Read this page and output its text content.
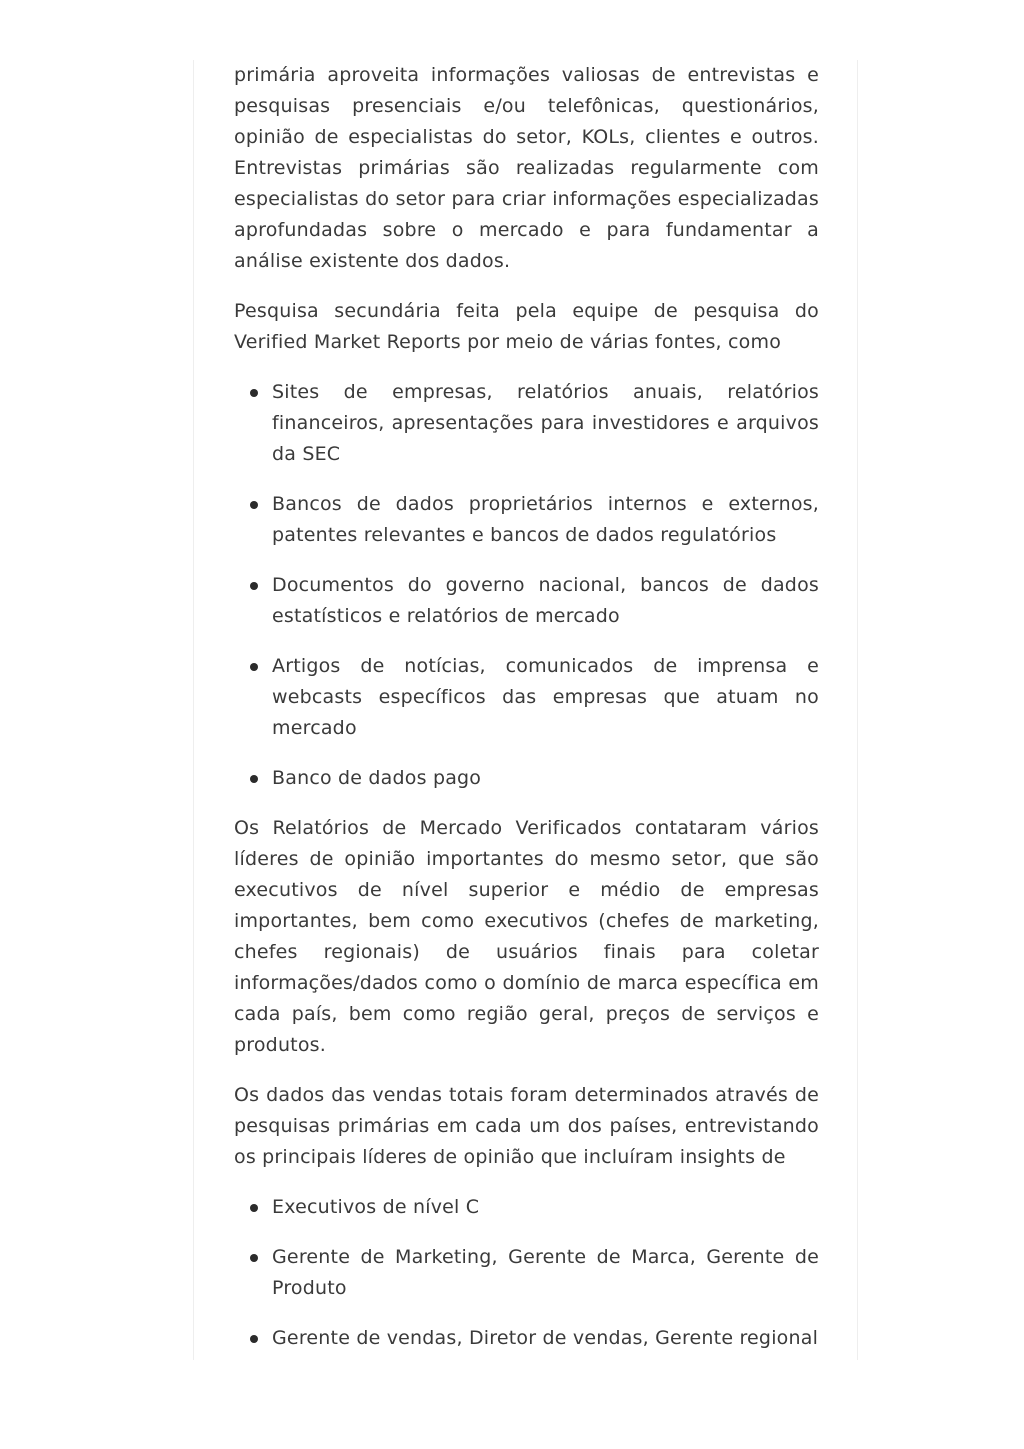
primária aproveita informações valiosas de entrevistas e pesquisas presenciais e/ou telefônicas, questionários, opinião de especialistas do setor, KOLs, clientes e outros. Entrevistas primárias são realizadas regularmente com especialistas do setor para criar informações especializadas aprofundadas sobre o mercado e para fundamentar a análise existente dos dados.

Pesquisa secundária feita pela equipe de pesquisa do Verified Market Reports por meio de várias fontes, como

Sites de empresas, relatórios anuais, relatórios financeiros, apresentações para investidores e arquivos da SEC
Bancos de dados proprietários internos e externos, patentes relevantes e bancos de dados regulatórios
Documentos do governo nacional, bancos de dados estatísticos e relatórios de mercado
Artigos de notícias, comunicados de imprensa e webcasts específicos das empresas que atuam no mercado
Banco de dados pago

Os Relatórios de Mercado Verificados contataram vários líderes de opinião importantes do mesmo setor, que são executivos de nível superior e médio de empresas importantes, bem como executivos (chefes de marketing, chefes regionais) de usuários finais para coletar informações/dados como o domínio de marca específica em cada país, bem como região geral, preços de serviços e produtos.

Os dados das vendas totais foram determinados através de pesquisas primárias em cada um dos países, entrevistando os principais líderes de opinião que incluíram insights de

Executivos de nível C
Gerente de Marketing, Gerente de Marca, Gerente de Produto
Gerente de vendas, Diretor de vendas, Gerente regional
